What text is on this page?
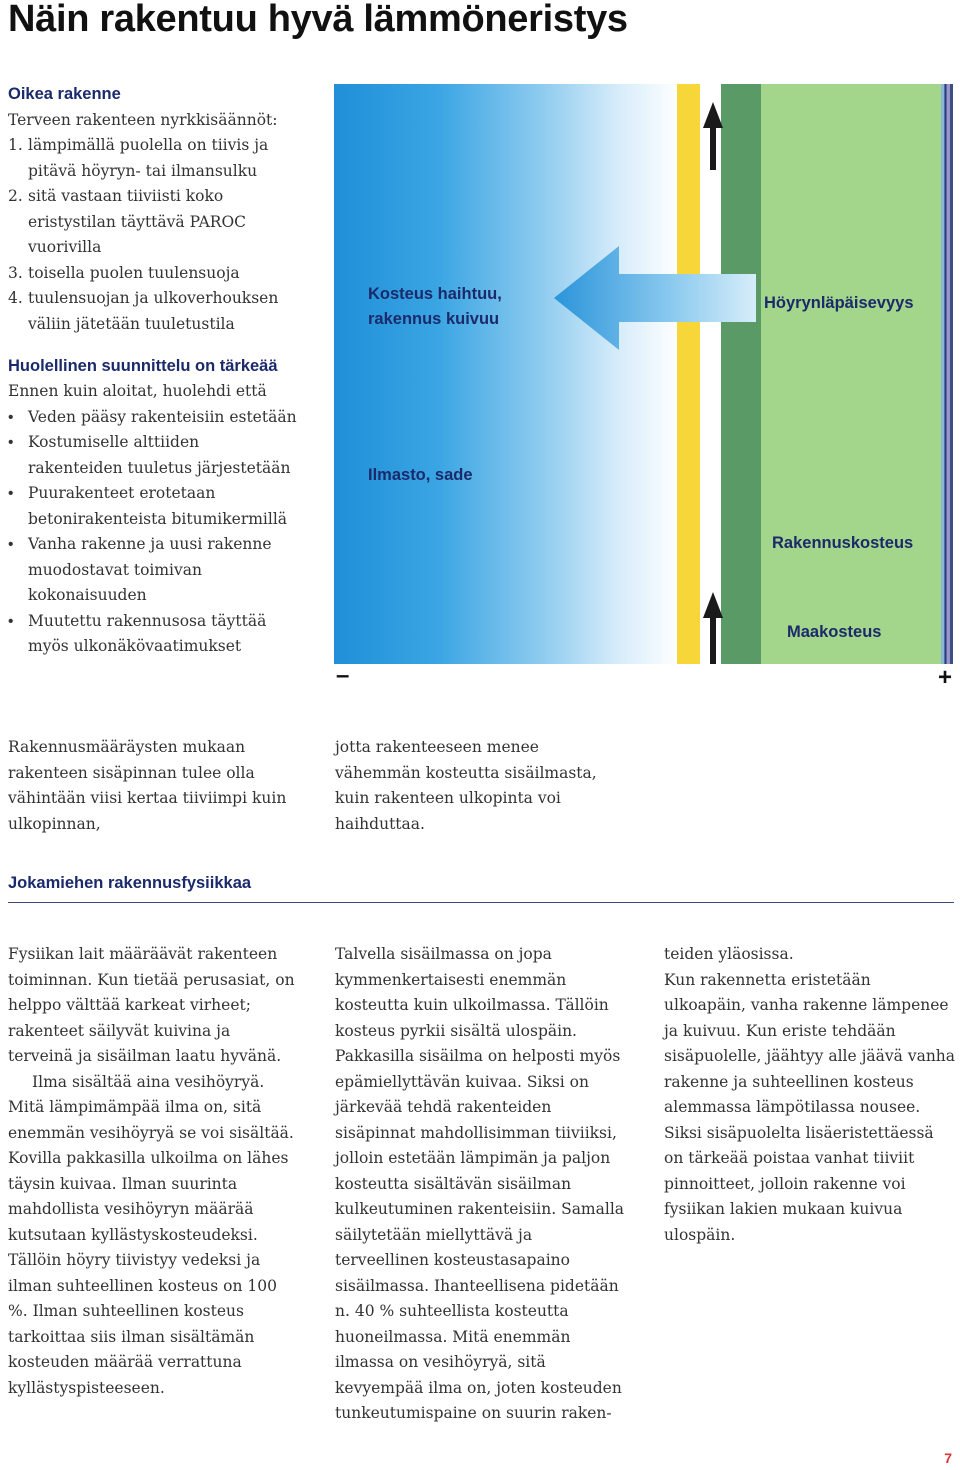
Näin rakentuu hyvä lämmöneristys
Oikea rakenne

Terveen rakenteen nyrkkisäännöt:

1. lämpimällä puolella on tiivis ja pitävä höyryn- tai ilmansulku
2. sitä vastaan tiiviisti koko eristystilan täyttävä PAROC vuorivilla
3. toisella puolen tuulensuoja
4. tuulensuojan ja ulkoverhouksen väliin jätetään tuuletustila
Huolellinen suunnittelu on tärkeää

Ennen kuin aloitat, huolehdi että

• Veden pääsy rakenteisiin estetään
• Kostumiselle alttiiden rakenteiden tuuletus järjestetään
• Puurakenteet erotetaan betonirakenteista bitumikermillä
• Vanha rakenne ja uusi rakenne muodostavat toimivan kokonaisuuden
• Muutettu rakennusosa täyttää myös ulkonäkövaatimukset
Kosteus haihtuu,
rakennus kuivuu
Ilmasto, sade
Höyrynläpäisevyys
Rakennuskosteus
Maakosteus
–	+

Rakennusmääräysten mukaan rakenteen sisäpinnan tulee olla vähintään viisi kertaa tiiviimpi kuin ulkopinnan,

jotta rakenteeseen menee vähemmän kosteutta sisäilmasta, kuin rakenteen ulkopinta voi haihduttaa.

Jokamiehen rakennusfysiikkaa

Fysiikan lait määräävät rakenteen toiminnan. Kun tietää perusasiat, on helppo välttää karkeat virheet; rakenteet säilyvät kuivina ja terveinä ja sisäilman laatu hyvänä.

Ilma sisältää aina vesihöyryä. Mitä lämpimämpää ilma on, sitä enemmän vesihöyryä se voi sisältää. Kovilla pakkasilla ulkoilma on lähes täysin kuivaa. Ilman suurinta mahdollista vesihöyryn määrää kutsutaan kyllästyskosteudeksi. Tällöin höyry tiivistyy vedeksi ja ilman suhteellinen kosteus on 100 %. Ilman suhteellinen kosteus tarkoittaa siis ilman sisältämän kosteuden määrää verrattuna kyllästyspisteeseen.

Talvella sisäilmassa on jopa kymmenkertaisesti enemmän kosteutta kuin ulkoilmassa. Tällöin kosteus pyrkii sisältä ulospäin. Pakkasilla sisäilma on helposti myös epämiellyttävän kuivaa. Siksi on järkevää tehdä rakenteiden sisäpinnat mahdollisimman tiiviiksi, jolloin estetään lämpimän ja paljon kosteutta sisältävän sisäilman kulkeutuminen rakenteisiin. Samalla säilytetään miellyttävä ja terveellinen kosteustasapaino sisäilmassa. Ihanteellisena pidetään n. 40 % suhteellista kosteutta huoneilmassa. Mitä enemmän ilmassa on vesihöyryä, sitä kevyempää ilma on, joten kosteuden tunkeutumispaine on suurin raken-

teiden yläosissa.

Kun rakennetta eristetään ulkoapäin, vanha rakenne lämpenee ja kuivuu. Kun eriste tehdään sisäpuolelle, jäähtyy alle jäävä vanha rakenne ja suhteellinen kosteus alemmassa lämpötilassa nousee. Siksi sisäpuolelta lisäeristettäessä on tärkeää poistaa vanhat tiiviit pinnoitteet, jolloin rakenne voi fysiikan lakien mukaan kuivua ulospäin.

7
